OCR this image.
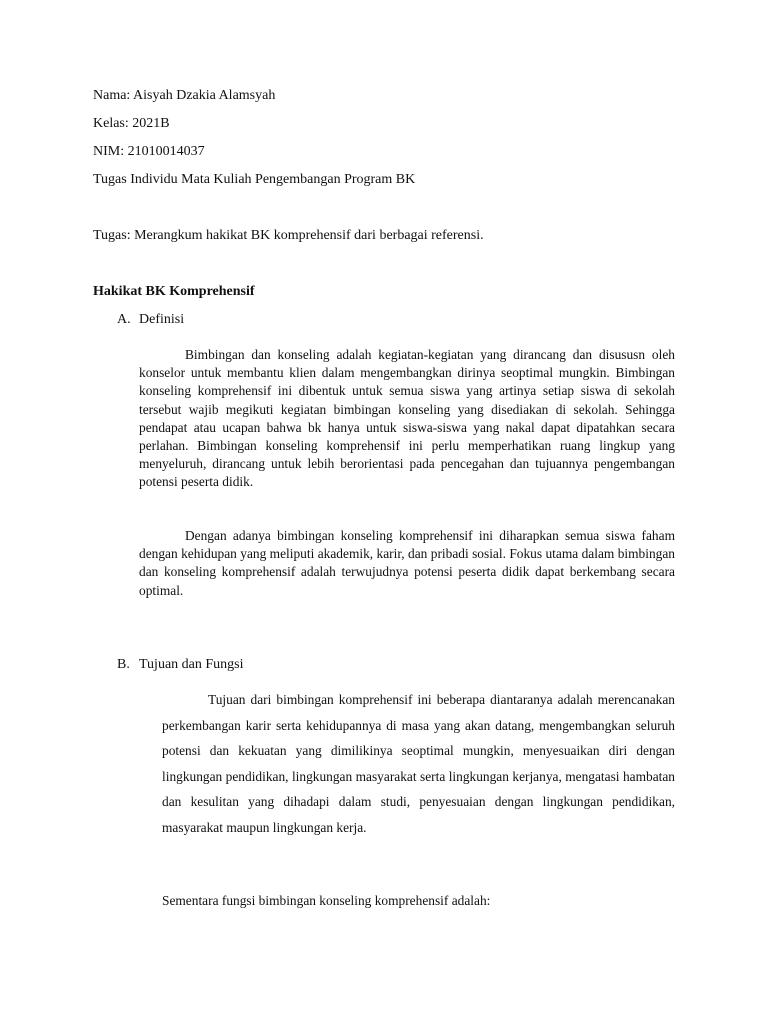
Nama: Aisyah Dzakia Alamsyah
Kelas: 2021B
NIM: 21010014037
Tugas Individu Mata Kuliah Pengembangan Program BK
Tugas: Merangkum hakikat BK komprehensif dari berbagai referensi.
Hakikat BK Komprehensif
A. Definisi

Bimbingan dan konseling adalah kegiatan-kegiatan yang dirancang dan disususn oleh konselor untuk membantu klien dalam mengembangkan dirinya seoptimal mungkin. Bimbingan konseling komprehensif ini dibentuk untuk semua siswa yang artinya setiap siswa di sekolah tersebut wajib megikuti kegiatan bimbingan konseling yang disediakan di sekolah. Sehingga pendapat atau ucapan bahwa bk hanya untuk siswa-siswa yang nakal dapat dipatahkan secara perlahan. Bimbingan konseling komprehensif ini perlu memperhatikan ruang lingkup yang menyeluruh, dirancang untuk lebih berorientasi pada pencegahan dan tujuannya pengembangan potensi peserta didik.

Dengan adanya bimbingan konseling komprehensif ini diharapkan semua siswa faham dengan kehidupan yang meliputi akademik, karir, dan pribadi sosial. Fokus utama dalam bimbingan dan konseling komprehensif adalah terwujudnya potensi peserta didik dapat berkembang secara optimal.

B. Tujuan dan Fungsi

Tujuan dari bimbingan komprehensif ini beberapa diantaranya adalah merencanakan perkembangan karir serta kehidupannya di masa yang akan datang, mengembangkan seluruh potensi dan kekuatan yang dimilikinya seoptimal mungkin, menyesuaikan diri dengan lingkungan pendidikan, lingkungan masyarakat serta lingkungan kerjanya, mengatasi hambatan dan kesulitan yang dihadapi dalam studi, penyesuaian dengan lingkungan pendidikan, masyarakat maupun lingkungan kerja.

Sementara fungsi bimbingan konseling komprehensif adalah:
